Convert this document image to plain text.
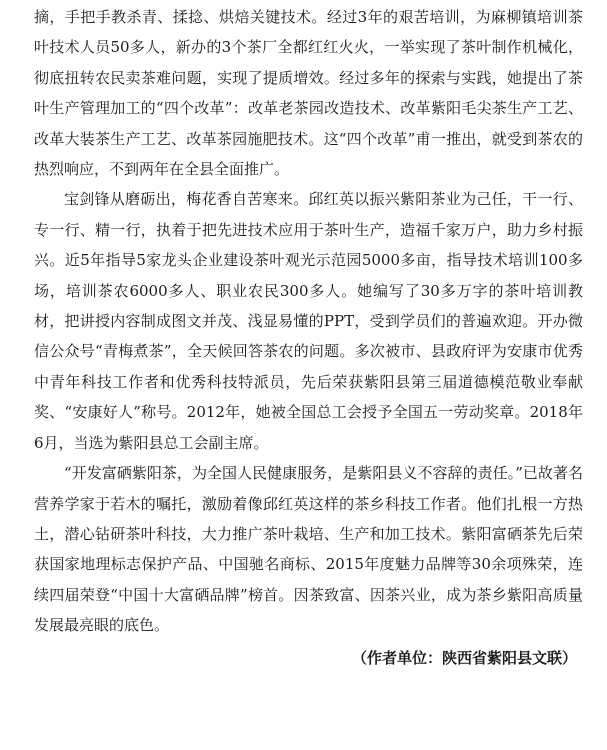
摘，手把手教杀青、揉捻、烘焙关键技术。经过3年的艰苦培训，为麻柳镇培训茶叶技术人员50多人，新办的3个茶厂全都红红火火，一举实现了茶叶制作机械化，彻底扭转农民卖茶难问题，实现了提质增效。经过多年的探索与实践，她提出了茶叶生产管理加工的“四个改革”：改革老茶园改造技术、改革紫阳毛尖茶生产工艺、改革大装茶生产工艺、改革茶园施肥技术。这“四个改革”甫一推出，就受到茶农的热烈响应，不到两年在全县全面推广。

宝剑锋从磨砺出，梅花香自苦寒来。邱红英以振兴紫阳茶业为己任，干一行、专一行、精一行，执着于把先进技术应用于茶叶生产，造福千家万户，助力乡村振兴。近5年指导5家龙头企业建设茶叶观光示范园5000多亩，指导技术培训100多场，培训茶农6000多人、职业农民300多人。她编写了30多万字的茶叶培训教材，把讲授内容制成图文并茂、浅显易懂的PPT，受到学员们的普遍欢迎。开办微信公众号“青梅煮茶”，全天候回答茶农的问题。多次被市、县政府评为安康市优秀中青年科技工作者和优秀科技特派员，先后荣获紫阳县第三届道德模范敬业奉献奖、“安康好人”称号。2012年，她被全国总工会授予全国五一劳动奖章。2018年6月，当选为紫阳县总工会副主席。

“开发富硒紫阳茶，为全国人民健康服务，是紫阳县义不容辞的责任。”已故著名营养学家于若木的嘱托，激励着像邱红英这样的茶乡科技工作者。他们扎根一方热土，潜心钻研茶叶科技，大力推广茶叶栽培、生产和加工技术。紫阳富硒茶先后荣获国家地理标志保护产品、中国驰名商标、2015年度魅力品牌等30余项殊荣，连续四届荣登“中国十大富硒品牌”榜首。因茶致富、因茶兴业，成为茶乡紫阳高质量发展最亮眼的底色。

（作者单位：陕西省紫阳县文联）
